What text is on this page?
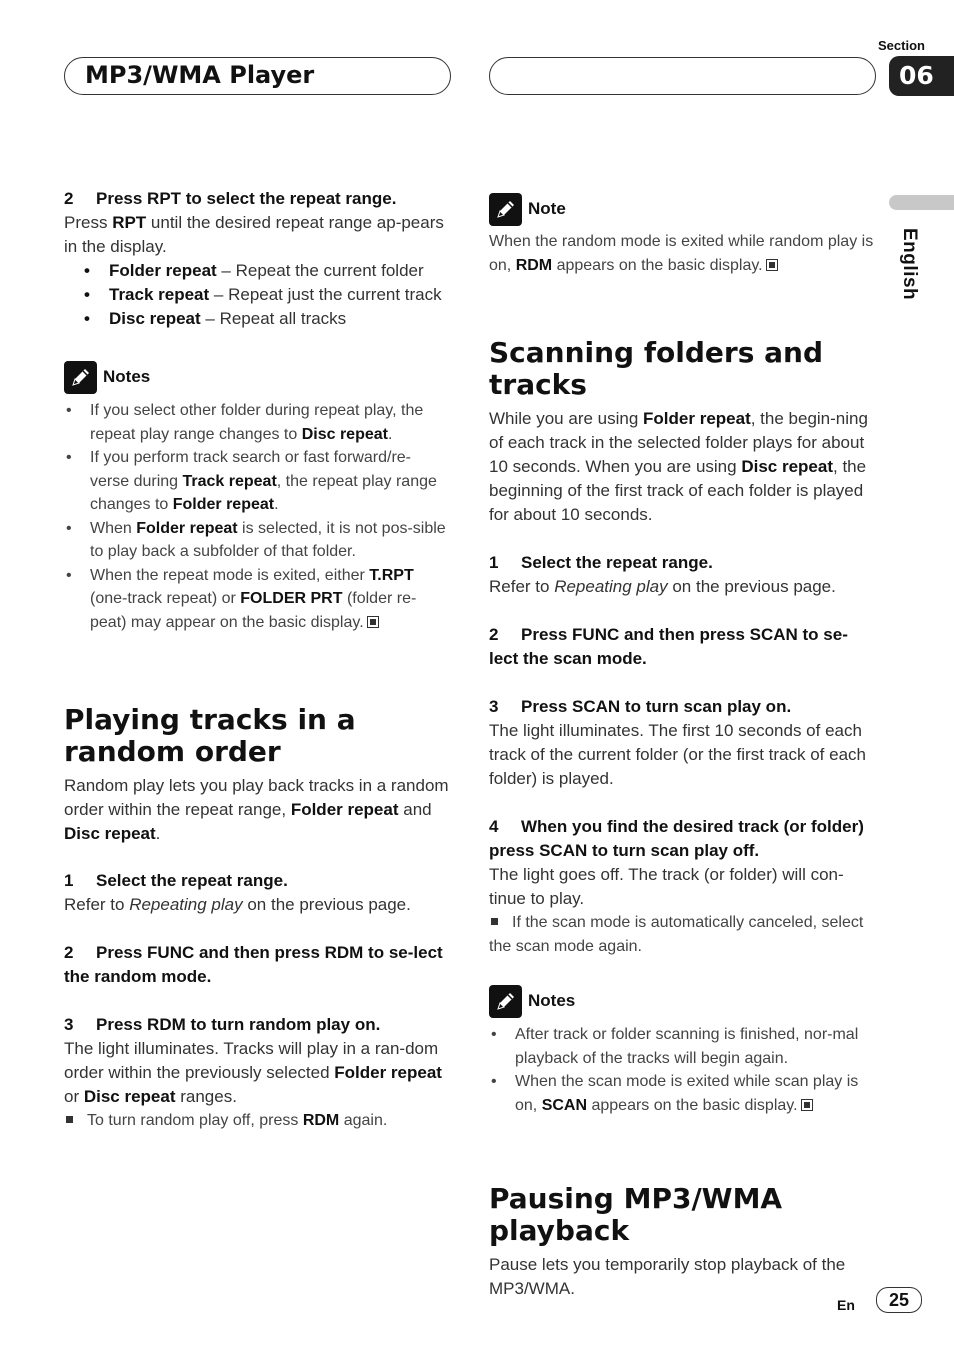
MP3/WMA Player
Section
06
English

2 Press RPT to select the repeat range.

Press RPT until the desired repeat range ap-pears in the display.

• Folder repeat – Repeat the current folder
• Track repeat – Repeat just the current track
• Disc repeat – Repeat all tracks
Notes
• If you select other folder during repeat play, the repeat play range changes to Disc repeat.
• If you perform track search or fast forward/re-verse during Track repeat, the repeat play range changes to Folder repeat.
• When Folder repeat is selected, it is not pos-sible to play back a subfolder of that folder.
• When the repeat mode is exited, either T.RPT (one-track repeat) or FOLDER PRT (folder re-peat) may appear on the basic display.

Playing tracks in a random order

Random play lets you play back tracks in a random order within the repeat range, Folder repeat and Disc repeat.

1 Select the repeat range.

Refer to Repeating play on the previous page.

2 Press FUNC and then press RDM to se-lect the random mode.

3 Press RDM to turn random play on.

The light illuminates. Tracks will play in a ran-dom order within the previously selected Folder repeat or Disc repeat ranges.

To turn random play off, press RDM again.

Note

When the random mode is exited while random play is on, RDM appears on the basic display.

Scanning folders and tracks

While you are using Folder repeat, the begin-ning of each track in the selected folder plays for about 10 seconds. When you are using Disc repeat, the beginning of the first track of each folder is played for about 10 seconds.

1 Select the repeat range.

Refer to Repeating play on the previous page.

2 Press FUNC and then press SCAN to se-lect the scan mode.

3 Press SCAN to turn scan play on.

The light illuminates. The first 10 seconds of each track of the current folder (or the first track of each folder) is played.

4 When you find the desired track (or folder) press SCAN to turn scan play off.

The light goes off. The track (or folder) will con-tinue to play.

If the scan mode is automatically canceled, select the scan mode again.

Notes
• After track or folder scanning is finished, nor-mal playback of the tracks will begin again.
• When the scan mode is exited while scan play is on, SCAN appears on the basic display.

Pausing MP3/WMA playback

Pause lets you temporarily stop playback of the MP3/WMA.

En	25
